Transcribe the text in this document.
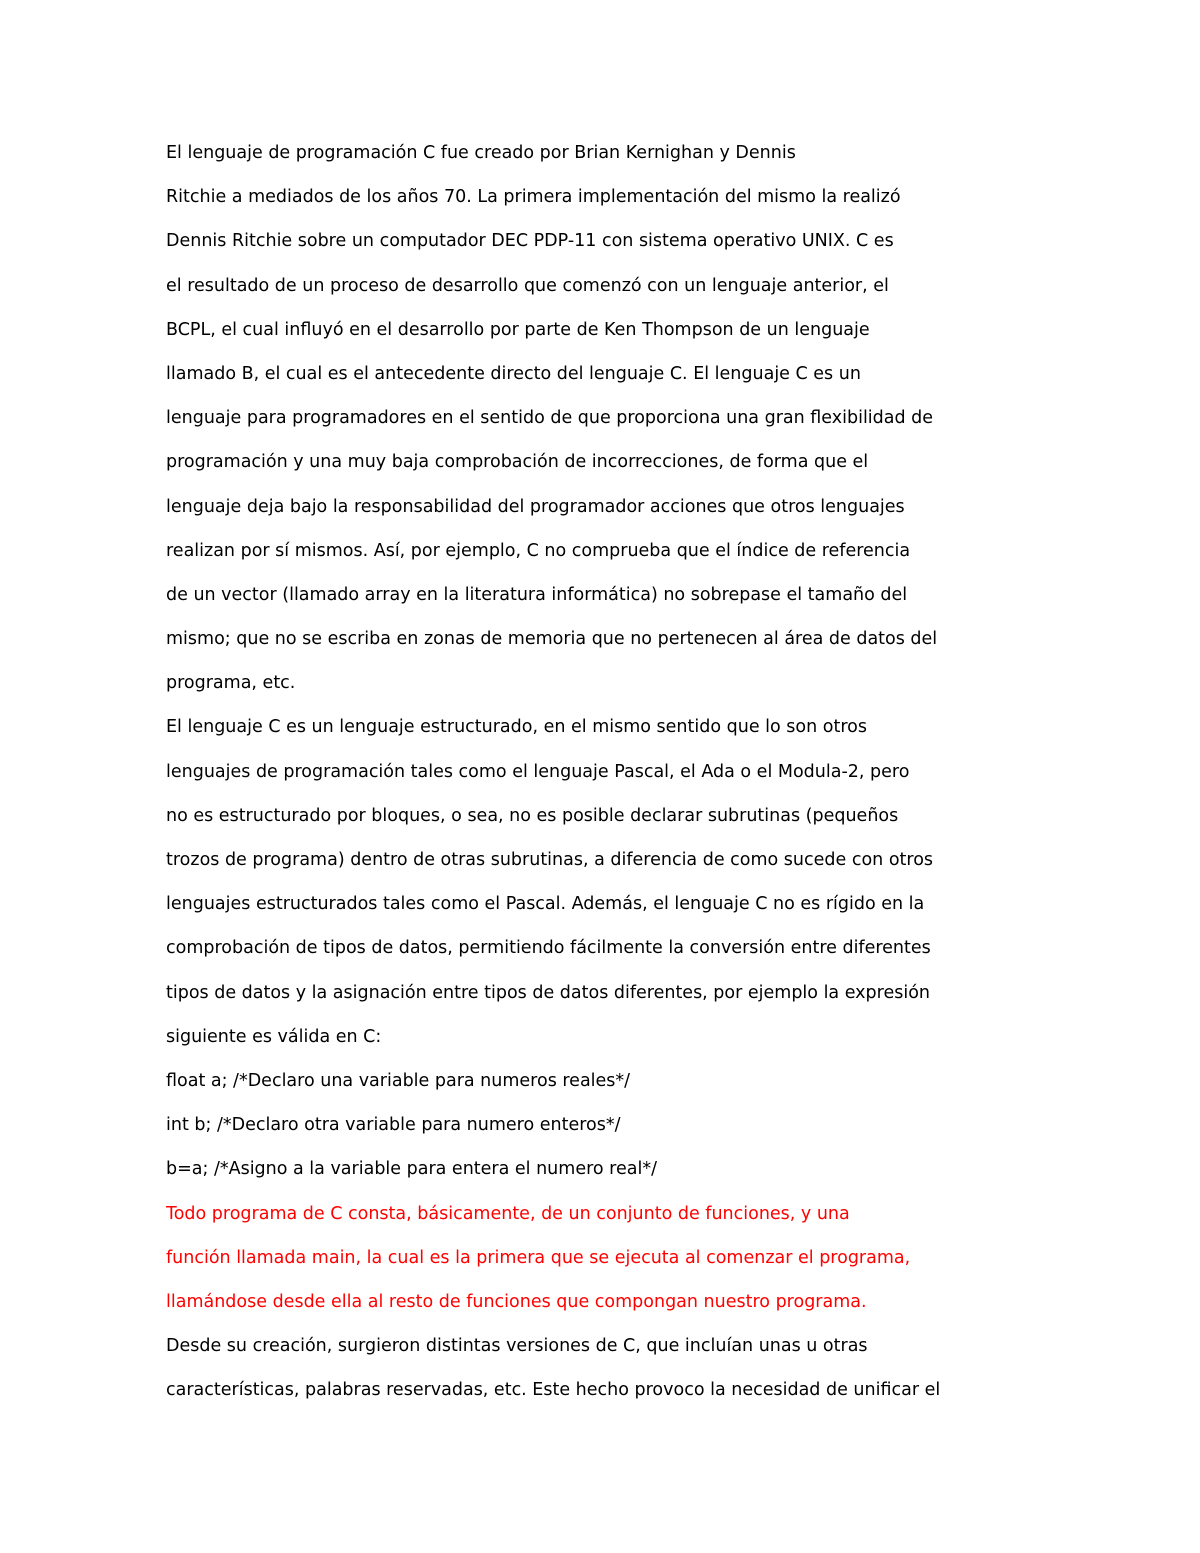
El lenguaje de programación C fue creado por Brian Kernighan y Dennis
Ritchie a mediados de los años 70. La primera implementación del mismo la realizó
Dennis Ritchie sobre un computador DEC PDP-11 con sistema operativo UNIX. C es
el resultado de un proceso de desarrollo que comenzó con un lenguaje anterior, el
BCPL, el cual influyó en el desarrollo por parte de Ken Thompson de un lenguaje
llamado B, el cual es el antecedente directo del lenguaje C. El lenguaje C es un
lenguaje para programadores en el sentido de que proporciona una gran flexibilidad de
programación y una muy baja comprobación de incorrecciones, de forma que el
lenguaje deja bajo la responsabilidad del programador acciones que otros lenguajes
realizan por sí mismos. Así, por ejemplo, C no comprueba que el índice de referencia
de un vector (llamado array en la literatura informática) no sobrepase el tamaño del
mismo; que no se escriba en zonas de memoria que no pertenecen al área de datos del
programa, etc.
El lenguaje C es un lenguaje estructurado, en el mismo sentido que lo son otros
lenguajes de programación tales como el lenguaje Pascal, el Ada o el Modula-2, pero
no es estructurado por bloques, o sea, no es posible declarar subrutinas (pequeños
trozos de programa) dentro de otras subrutinas, a diferencia de como sucede con otros
lenguajes estructurados tales como el Pascal. Además, el lenguaje C no es rígido en la
comprobación de tipos de datos, permitiendo fácilmente la conversión entre diferentes
tipos de datos y la asignación entre tipos de datos diferentes, por ejemplo la expresión
siguiente es válida en C:
float a; /*Declaro una variable para numeros reales*/
int b; /*Declaro otra variable para numero enteros*/
b=a; /*Asigno a la variable para entera el numero real*/
Todo programa de C consta, básicamente, de un conjunto de funciones, y una
función llamada main, la cual es la primera que se ejecuta al comenzar el programa,
llamándose desde ella al resto de funciones que compongan nuestro programa.
Desde su creación, surgieron distintas versiones de C, que incluían unas u otras
características, palabras reservadas, etc. Este hecho provoco la necesidad de unificar el
